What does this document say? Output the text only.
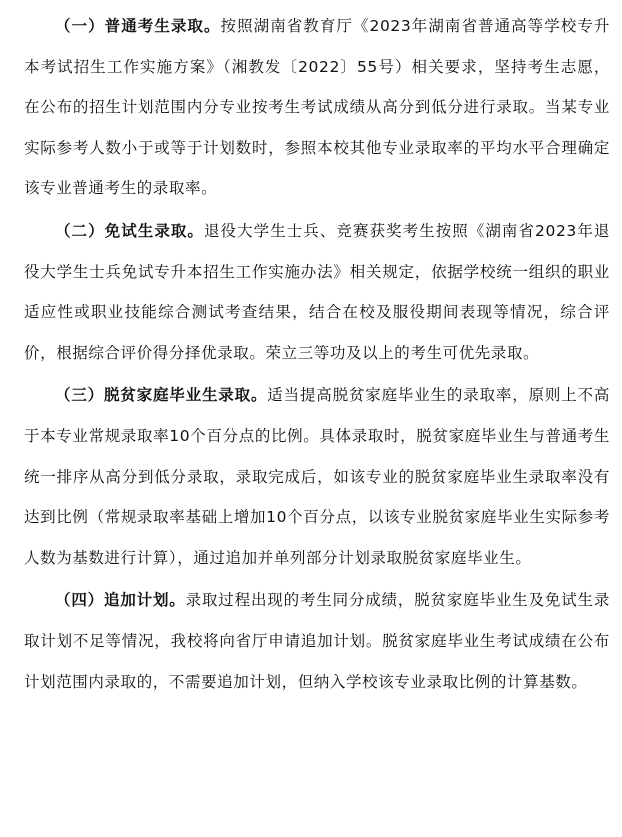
（一）普通考生录取。按照湖南省教育厅《2023年湖南省普通高等学校专升本考试招生工作实施方案》（湘教发〔2022〕55号）相关要求，坚持考生志愿，在公布的招生计划范围内分专业按考生考试成绩从高分到低分进行录取。当某专业实际参考人数小于或等于计划数时，参照本校其他专业录取率的平均水平合理确定该专业普通考生的录取率。

（二）免试生录取。退役大学生士兵、竞赛获奖考生按照《湖南省2023年退役大学生士兵免试专升本招生工作实施办法》相关规定，依据学校统一组织的职业适应性或职业技能综合测试考查结果，结合在校及服役期间表现等情况，综合评价，根据综合评价得分择优录取。荣立三等功及以上的考生可优先录取。

（三）脱贫家庭毕业生录取。适当提高脱贫家庭毕业生的录取率，原则上不高于本专业常规录取率10个百分点的比例。具体录取时，脱贫家庭毕业生与普通考生统一排序从高分到低分录取，录取完成后，如该专业的脱贫家庭毕业生录取率没有达到比例（常规录取率基础上增加10个百分点，以该专业脱贫家庭毕业生实际参考人数为基数进行计算），通过追加并单列部分计划录取脱贫家庭毕业生。

（四）追加计划。录取过程出现的考生同分成绩，脱贫家庭毕业生及免试生录取计划不足等情况，我校将向省厅申请追加计划。脱贫家庭毕业生考试成绩在公布计划范围内录取的，不需要追加计划，但纳入学校该专业录取比例的计算基数。
